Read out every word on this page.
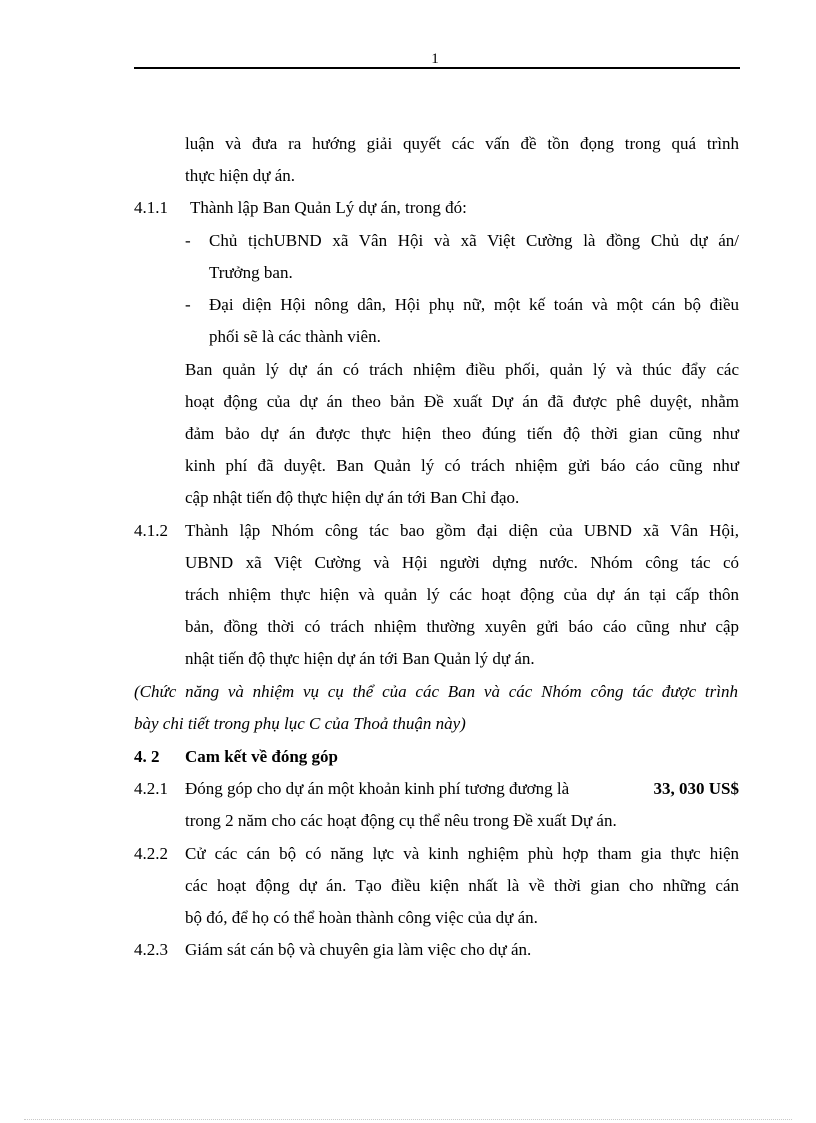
1
luận và đưa ra hướng giải quyết các vấn đề tồn đọng trong quá trình
thực hiện dự án.
4.1.1 Thành lập Ban Quản Lý dự án, trong đó:
- Chủ tịchUBND xã Vân Hội và xã Việt Cường là đồng Chủ dự án/
Trưởng ban.
- Đại diện Hội nông dân, Hội phụ nữ, một kế toán và một cán bộ điều
phối sẽ là các thành viên.
Ban quản lý dự án có trách nhiệm điều phối, quản lý và thúc đẩy các
hoạt động của dự án theo bản Đề xuất Dự án đã được phê duyệt, nhằm
đảm bảo dự án được thực hiện theo đúng tiến độ thời gian cũng như
kinh phí đã duyệt. Ban Quản lý có trách nhiệm gửi báo cáo cũng như
cập nhật tiến độ thực hiện dự án tới Ban Chỉ đạo.
4.1.2 Thành lập Nhóm công tác bao gồm đại diện của UBND xã Vân Hội,
UBND xã Việt Cường và Hội người dựng nước. Nhóm công tác có
trách nhiệm thực hiện và quản lý các hoạt động của dự án tại cấp thôn
bản, đồng thời có trách nhiệm thường xuyên gửi báo cáo cũng như cập
nhật tiến độ thực hiện dự án tới Ban Quản lý dự án.
(Chức năng và nhiệm vụ cụ thể của các Ban và các Nhóm công tác được trình
bày chi tiết trong phụ lục C của Thoả thuận này)
4. 2 Cam kết về đóng góp
4.2.1 Đóng góp cho dự án một khoản kinh phí tương đương là	33, 030 US$
trong 2 năm cho các hoạt động cụ thể nêu trong Đề xuất Dự án.
4.2.2 Cử các cán bộ có năng lực và kinh nghiệm phù hợp tham gia thực hiện
các hoạt động dự án. Tạo điều kiện nhất là về thời gian cho những cán
bộ đó, để họ có thể hoàn thành công việc của dự án.
4.2.3 Giám sát cán bộ và chuyên gia làm việc cho dự án.
